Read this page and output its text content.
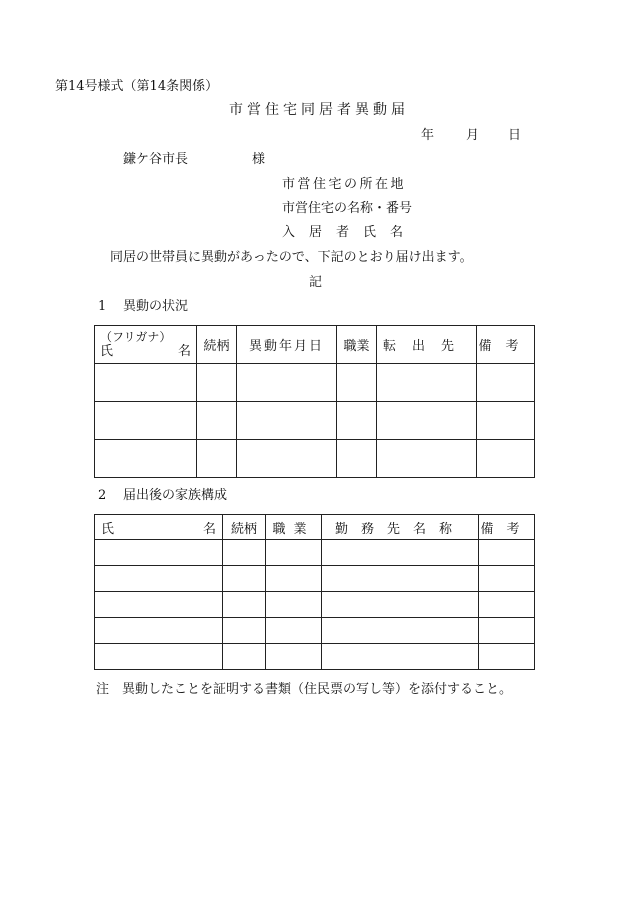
第14号様式（第14条関係）
市営住宅同居者異動届
年 月 日
鎌ケ谷市長	様
市営住宅の所在地
市営住宅の名称・番号
入居者氏名
同居の世帯員に異動があったので、下記のとおり届け出ます。
記
1 異動の状況
（フリガナ）
氏 名	続柄	異動年月日	職業	転出先	備考

2 届出後の家族構成
氏 名	続柄	職業	勤務先名称	備考

注　異動したことを証明する書類（住民票の写し等）を添付すること。
